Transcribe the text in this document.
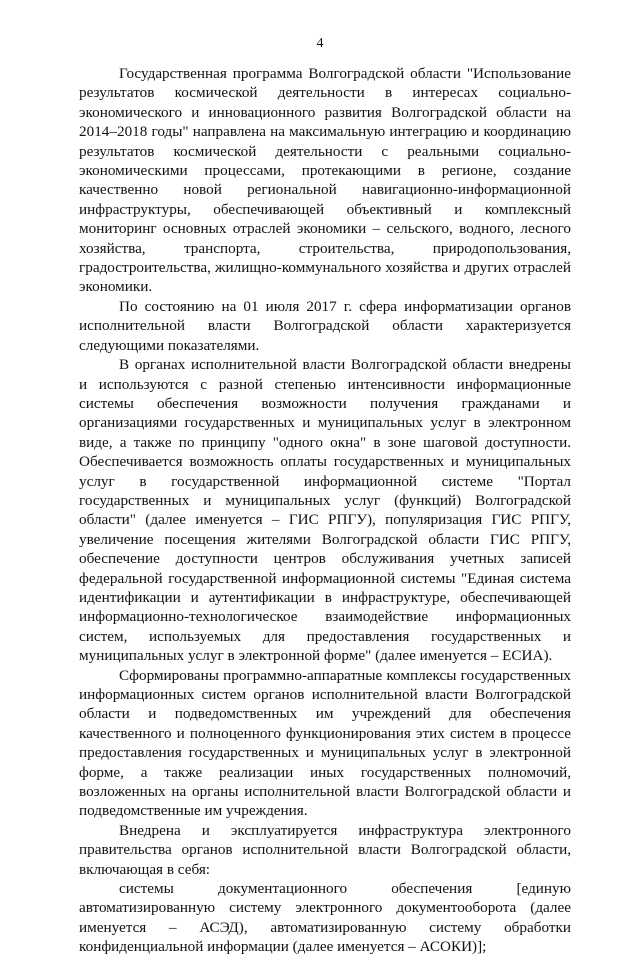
4

Государственная программа Волгоградской области "Использование результатов космической деятельности в интересах социально-экономического и инновационного развития Волгоградской области на 2014–2018 годы" направлена на максимальную интеграцию и координацию результатов космической деятельности с реальными социально-экономическими процессами, протекающими в регионе, создание качественно новой региональной навигационно-информационной инфраструктуры, обеспечивающей объективный и комплексный мониторинг основных отраслей экономики – сельского, водного, лесного хозяйства, транспорта, строительства, природопользования, градостроительства, жилищно-коммунального хозяйства и других отраслей экономики.

По состоянию на 01 июля 2017 г. сфера информатизации органов исполнительной власти Волгоградской области характеризуется следующими показателями.

В органах исполнительной власти Волгоградской области внедрены и используются с разной степенью интенсивности информационные системы обеспечения возможности получения гражданами и организациями государственных и муниципальных услуг в электронном виде, а также по принципу "одного окна" в зоне шаговой доступности. Обеспечивается возможность оплаты государственных и муниципальных услуг в государственной информационной системе "Портал государственных и муниципальных услуг (функций) Волгоградской области" (далее именуется – ГИС РПГУ), популяризация ГИС РПГУ, увеличение посещения жителями Волгоградской области ГИС РПГУ, обеспечение доступности центров обслуживания учетных записей федеральной государственной информационной системы "Единая система идентификации и аутентификации в инфраструктуре, обеспечивающей информационно-технологическое взаимодействие информационных систем, используемых для предоставления государственных и муниципальных услуг в электронной форме" (далее именуется – ЕСИА).

Сформированы программно-аппаратные комплексы государственных информационных систем органов исполнительной власти Волгоградской области и подведомственных им учреждений для обеспечения качественного и полноценного функционирования этих систем в процессе предоставления государственных и муниципальных услуг в электронной форме, а также реализации иных государственных полномочий, возложенных на органы исполнительной власти Волгоградской области и подведомственные им учреждения.

Внедрена и эксплуатируется инфраструктура электронного правительства органов исполнительной власти Волгоградской области, включающая в себя:

системы документационного обеспечения [единую автоматизированную систему электронного документооборота (далее именуется – АСЭД), автоматизированную систему обработки конфиденциальной информации (далее именуется – АСОКИ)];
